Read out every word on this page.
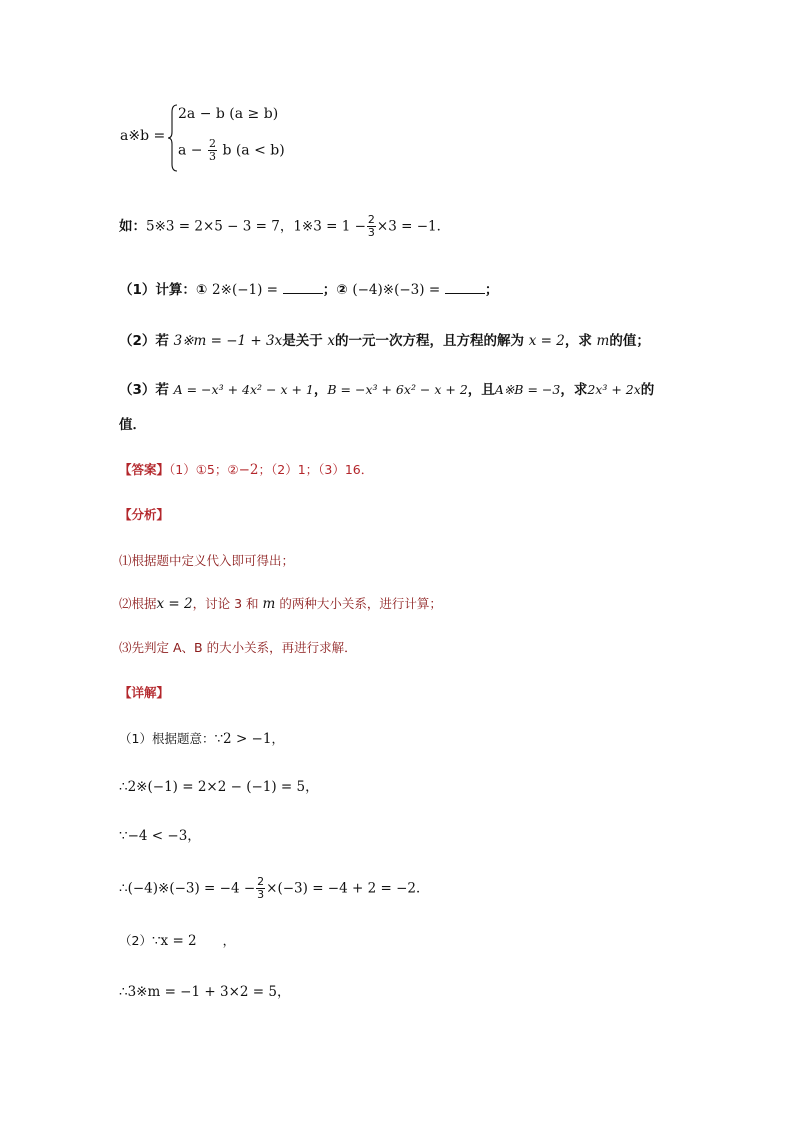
a※b =
2a − b (a ≥ b)
$a - \frac{2}{3}$ b (a < b)
如：5※3 = 2×5 − 3 = 7，1※3 = $1 - \frac{2}{3} \times 3 = -1$．
（1）计算：① 2※(−1) =	；② (−4)※(−3) =	；
（2）若 3※m = −1 + 3x是关于 x的一元一次方程，且方程的解为 x = 2，求 m的值；
（3）若 A = −x³ + 4x² − x + 1，B = −x³ + 6x² − x + 2，且A※B = −3，求2x³ + 2x的
值．
【答案】（1）①5；②−2；（2）1；（3）16．
【分析】
⑴根据题中定义代入即可得出；
⑵根据x = 2，讨论 3 和 m 的两种大小关系，进行计算；
⑶先判定 A、B 的大小关系，再进行求解．
【详解】
（1）根据题意：∵2 > −1，
∴2※(−1) = 2×2 − (−1) = 5，
∵−4 < −3，
∴(−4)※(−3) = $-4 - \frac{2}{3} \times(-3) = -4 + 2 = -2$．
（2）∵x = 2 ，
∴3※m = −1 + 3×2 = 5，
